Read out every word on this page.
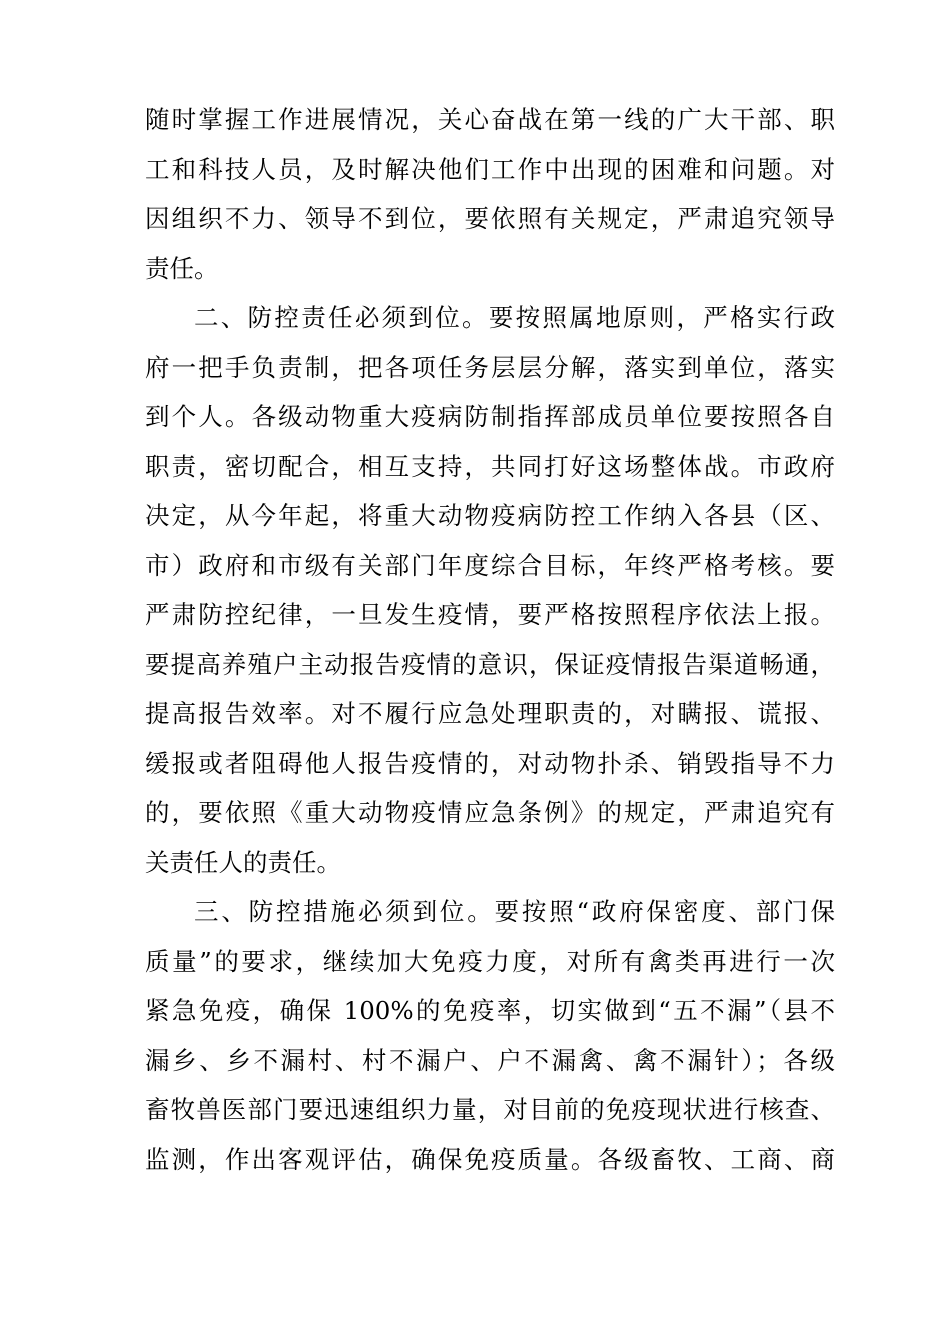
随时掌握工作进展情况，关心奋战在第一线的广大干部、职
工和科技人员，及时解决他们工作中出现的困难和问题。对
因组织不力、领导不到位，要依照有关规定，严肃追究领导
责任。
二、防控责任必须到位。要按照属地原则，严格实行政
府一把手负责制，把各项任务层层分解，落实到单位，落实
到个人。各级动物重大疫病防制指挥部成员单位要按照各自
职责，密切配合，相互支持，共同打好这场整体战。市政府
决定，从今年起，将重大动物疫病防控工作纳入各县（区、
市）政府和市级有关部门年度综合目标，年终严格考核。要
严肃防控纪律，一旦发生疫情，要严格按照程序依法上报。
要提高养殖户主动报告疫情的意识，保证疫情报告渠道畅通，
提高报告效率。对不履行应急处理职责的，对瞒报、谎报、
缓报或者阻碍他人报告疫情的，对动物扑杀、销毁指导不力
的，要依照《重大动物疫情应急条例》的规定，严肃追究有
关责任人的责任。
三、防控措施必须到位。要按照“政府保密度、部门保
质量”的要求，继续加大免疫力度，对所有禽类再进行一次
紧急免疫，确保 100%的免疫率，切实做到“五不漏”（县不
漏乡、乡不漏村、村不漏户、户不漏禽、禽不漏针）；各级
畜牧兽医部门要迅速组织力量，对目前的免疫现状进行核查、
监测，作出客观评估，确保免疫质量。各级畜牧、工商、商
